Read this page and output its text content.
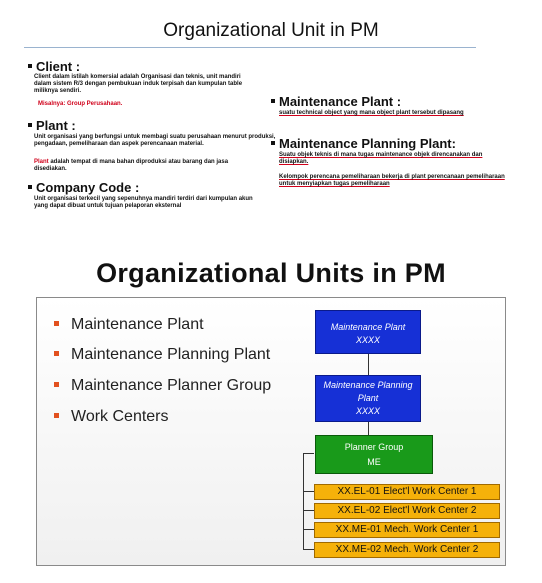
Organizational Unit in PM
Client :
Client dalam istilah komersial adalah Organisasi dan teknis, unit mandiri dalam sistem R/3 dengan pembukuan induk terpisah dan kumpulan table miliknya sendiri.
Misalnya: Group Perusahaan.
Plant :
Unit organisasi yang berfungsi untuk membagi suatu perusahaan menurut produksi, pengadaan, pemeliharaan dan aspek perencanaan material.
Plant adalah tempat di mana bahan diproduksi atau barang dan jasa disediakan.
Company Code :
Unit organisasi terkecil yang sepenuhnya mandiri terdiri dari kumpulan akun yang dapat dibuat untuk tujuan pelaporan eksternal
Maintenance Plant :
suatu technical object yang mana object plant tersebut dipasang
Maintenance Planning Plant:
Suatu objek teknis di mana tugas maintenance objek direncanakan dan disiapkan.
Kelompok perencana pemeliharaan bekerja di plant perencanaan pemeliharaan untuk menyiapkan tugas pemeliharaan
Organizational Units in PM
Maintenance Plant
Maintenance Planning Plant
Maintenance Planner Group
Work Centers
Maintenance Plant
XXXX
Maintenance Planning
Plant
XXXX
Planner Group
ME
XX.EL-01 Elect'l Work Center 1
XX.EL-02 Elect'l Work Center 2
XX.ME-01 Mech. Work Center 1
XX.ME-02 Mech. Work Center 2
